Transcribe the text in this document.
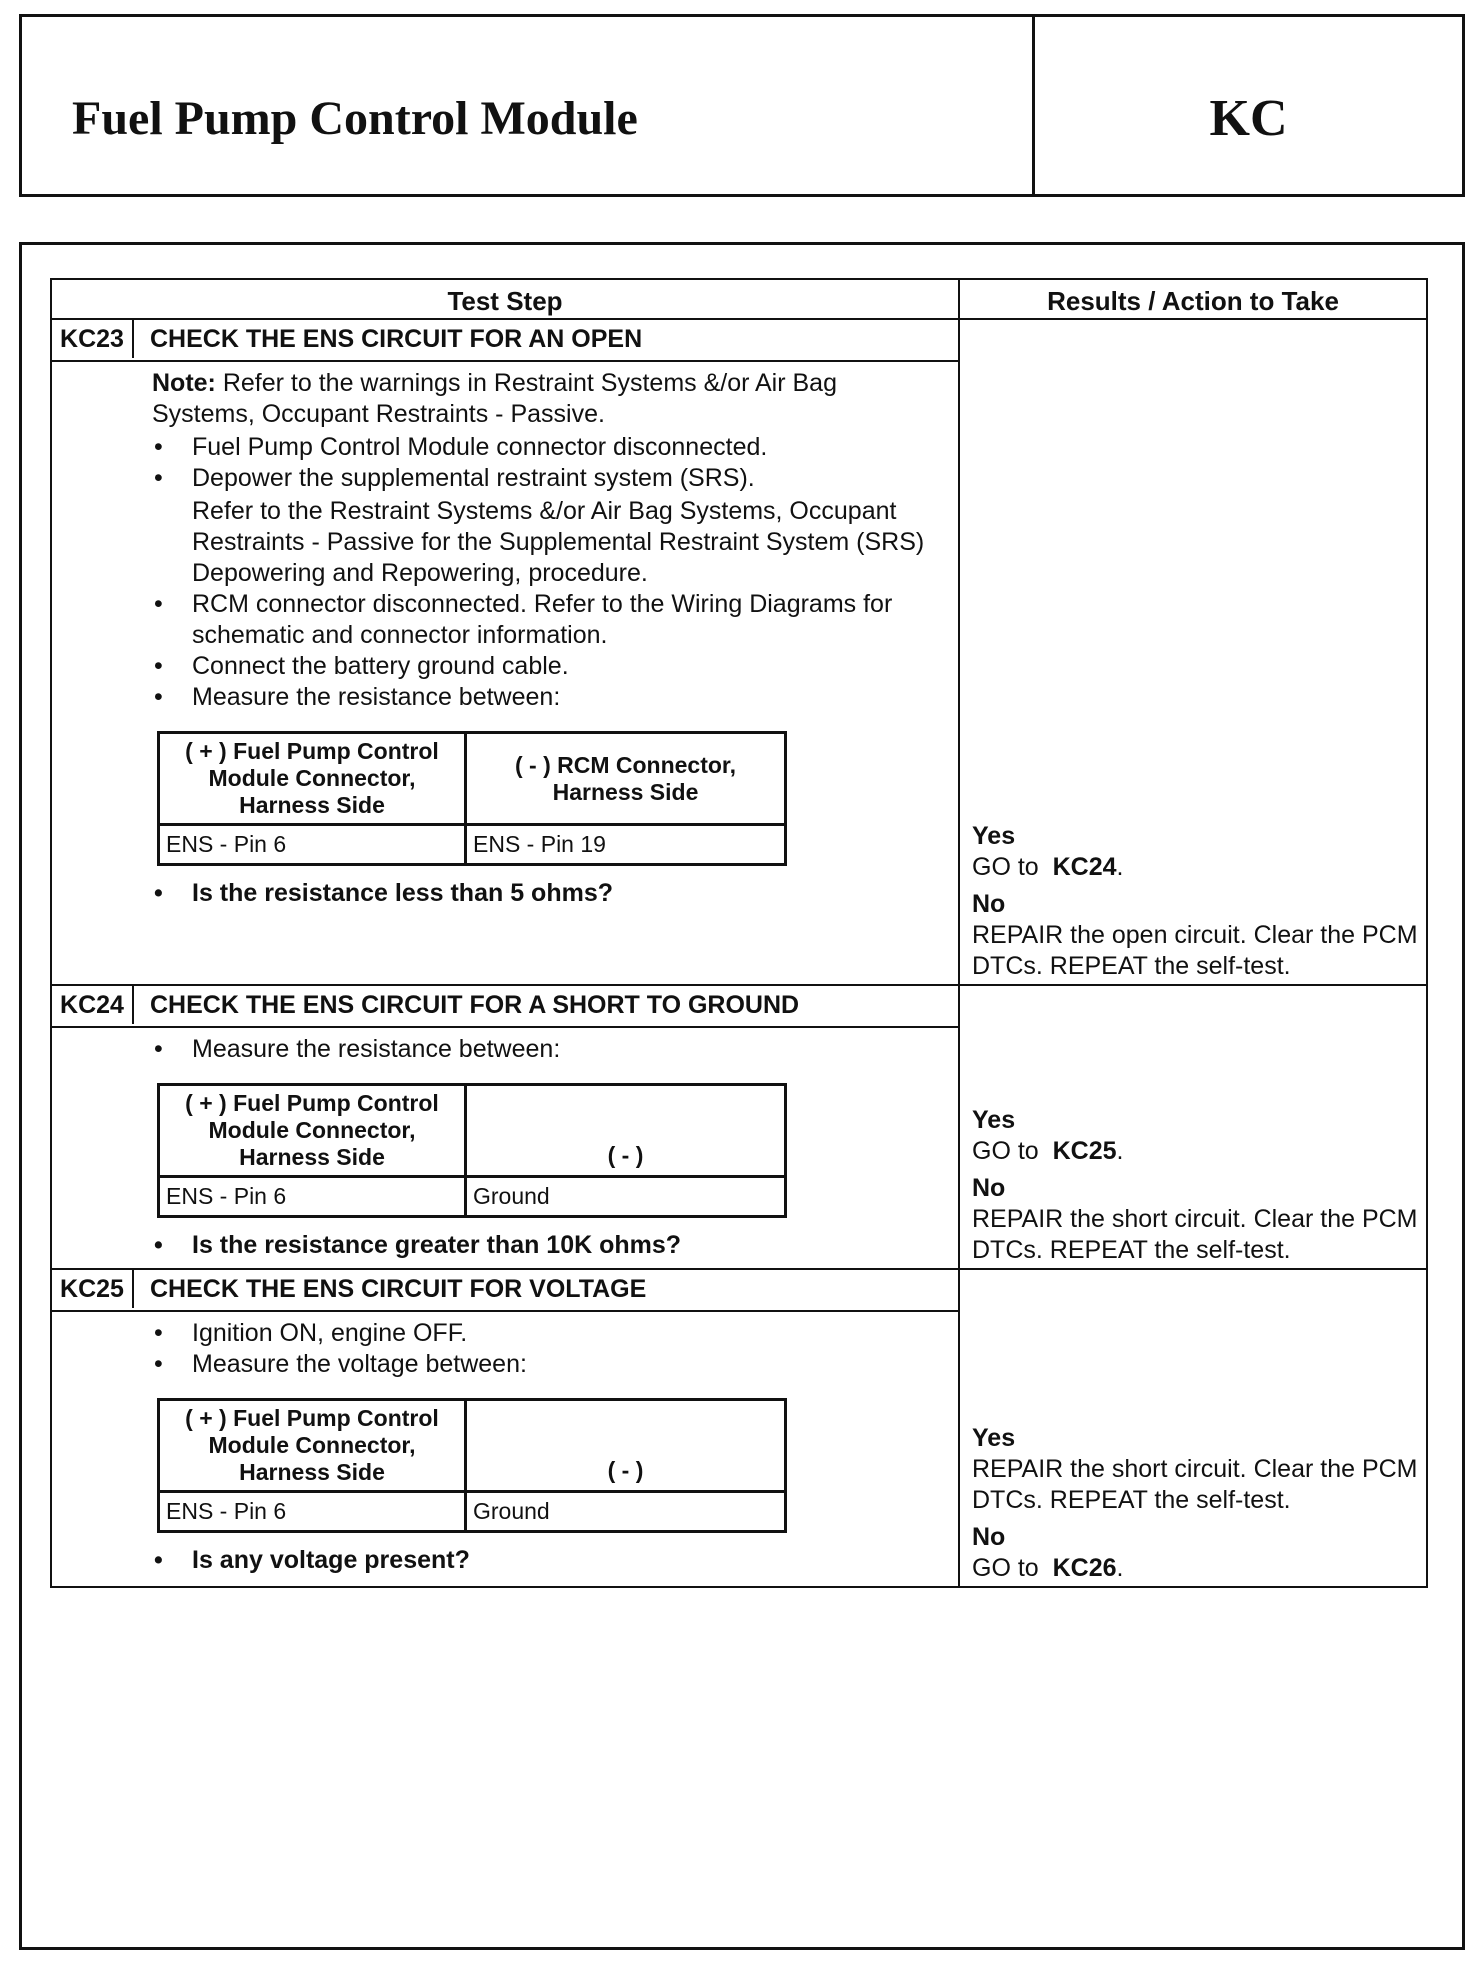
Fuel Pump Control Module	KC
Test Step	Results / Action to Take
KC23	CHECK THE ENS CIRCUIT FOR AN OPEN

Note: Refer to the warnings in Restraint Systems &/or Air Bag Systems, Occupant Restraints - Passive.

• Fuel Pump Control Module connector disconnected.
• Depower the supplemental restraint system (SRS).

Refer to the Restraint Systems &/or Air Bag Systems, Occupant Restraints - Passive for the Supplemental Restraint System (SRS) Depowering and Repowering, procedure.

• RCM connector disconnected. Refer to the Wiring Diagrams for schematic and connector information.
• Connect the battery ground cable.
• Measure the resistance between:
( + ) Fuel Pump Control Module Connector, Harness Side	( - ) RCM Connector, Harness Side
ENS - Pin 6	ENS - Pin 19
• Is the resistance less than 5 ohms?
Yes
GO to KC24.
No
REPAIR the open circuit. Clear the PCM DTCs. REPEAT the self-test.
KC24	CHECK THE ENS CIRCUIT FOR A SHORT TO GROUND
• Measure the resistance between:
( + ) Fuel Pump Control Module Connector, Harness Side	( - )
ENS - Pin 6	Ground
• Is the resistance greater than 10K ohms?
Yes
GO to KC25.
No
REPAIR the short circuit. Clear the PCM DTCs. REPEAT the self-test.
KC25	CHECK THE ENS CIRCUIT FOR VOLTAGE
• Ignition ON, engine OFF.
• Measure the voltage between:
( + ) Fuel Pump Control Module Connector, Harness Side	( - )
ENS - Pin 6	Ground
• Is any voltage present?
Yes
REPAIR the short circuit. Clear the PCM DTCs. REPEAT the self-test.
No
GO to KC26.
